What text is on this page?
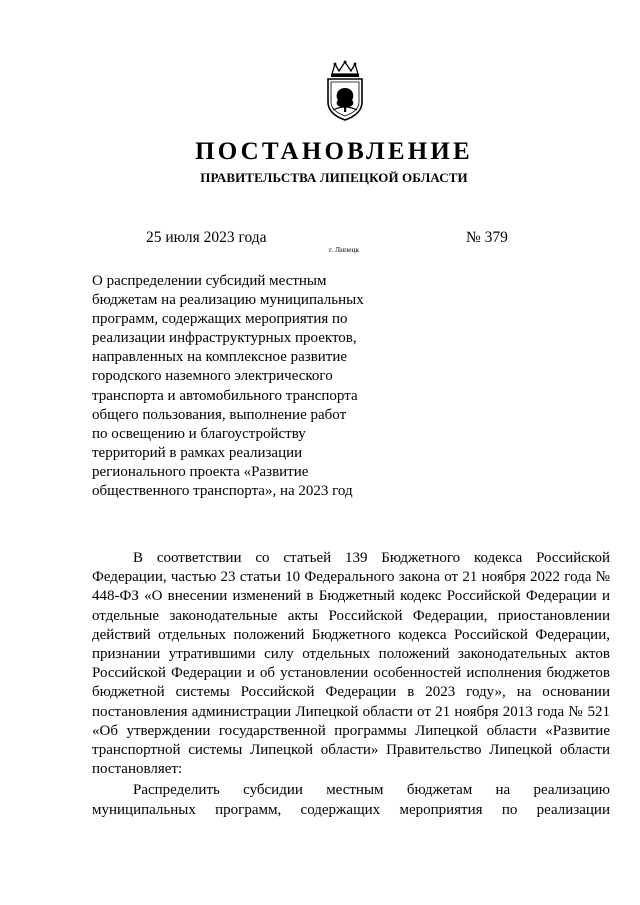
ПОСТАНОВЛЕНИЕ
ПРАВИТЕЛЬСТВА ЛИПЕЦКОЙ ОБЛАСТИ
25 июля 2023 года
г. Липецк
№ 379
О распределении субсидий местным
бюджетам на реализацию муниципальных
программ, содержащих мероприятия по
реализации инфраструктурных проектов,
направленных на комплексное развитие
городского наземного электрического
транспорта и автомобильного транспорта
общего пользования, выполнение работ
по освещению и благоустройству
территорий в рамках реализации
регионального проекта «Развитие
общественного транспорта», на 2023 год

В соответствии со статьей 139 Бюджетного кодекса Российской Федерации, частью 23 статьи 10 Федерального закона от 21 ноября 2022 года № 448-ФЗ «О внесении изменений в Бюджетный кодекс Российской Федерации и отдельные законодательные акты Российской Федерации, приостановлении действий отдельных положений Бюджетного кодекса Российской Федерации, признании утратившими силу отдельных положений законодательных актов Российской Федерации и об установлении особенностей исполнения бюджетов бюджетной системы Российской Федерации в 2023 году», на основании постановления администрации Липецкой области от 21 ноября 2013 года № 521 «Об утверждении государственной программы Липецкой области «Развитие транспортной системы Липецкой области» Правительство Липецкой области постановляет:

Распределить субсидии местным бюджетам на реализацию муниципальных программ, содержащих мероприятия по реализации
